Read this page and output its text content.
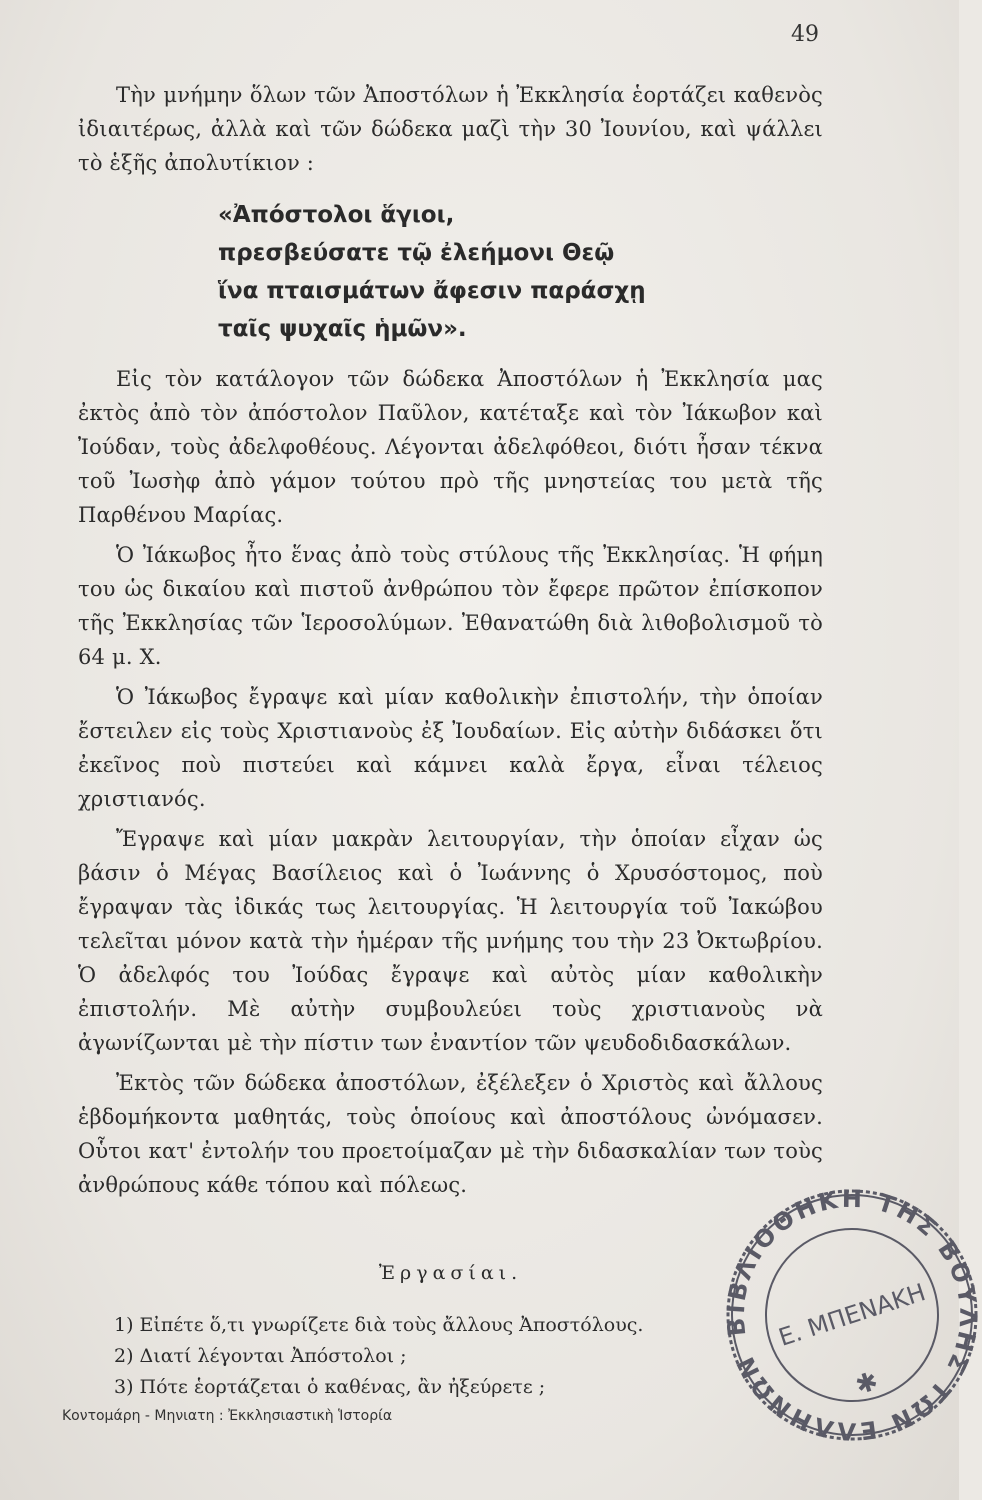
49

Τὴν μνήμην ὅλων τῶν Ἀποστόλων ἡ Ἐκκλησία ἑορτάζει καθενὸς ἰδιαιτέρως, ἀλλὰ καὶ τῶν δώδεκα μαζὶ τὴν 30 Ἰουνίου, καὶ ψάλλει τὸ ἑξῆς ἀπολυτίκιον :

«Ἀπόστολοι ἅγιοι,
πρεσβεύσατε τῷ ἐλεήμονι Θεῷ
ἵνα πταισμάτων ἄφεσιν παράσχῃ
ταῖς ψυχαῖς ἡμῶν».

Εἰς τὸν κατάλογον τῶν δώδεκα Ἀποστόλων ἡ Ἐκκλησία μας ἐκτὸς ἀπὸ τὸν ἀπόστολον Παῦλον, κατέταξε καὶ τὸν Ἰάκωβον καὶ Ἰούδαν, τοὺς ἀδελφοθέους. Λέγονται ἀδελφόθεοι, διότι ἦσαν τέκνα τοῦ Ἰωσὴφ ἀπὸ γάμον τούτου πρὸ τῆς μνηστείας του μετὰ τῆς Παρθένου Μαρίας.

Ὁ Ἰάκωβος ἦτο ἕνας ἀπὸ τοὺς στύλους τῆς Ἐκκλησίας. Ἡ φήμη του ὡς δικαίου καὶ πιστοῦ ἀνθρώπου τὸν ἔφερε πρῶτον ἐπίσκοπον τῆς Ἐκκλησίας τῶν Ἱεροσολύμων. Ἐθανατώθη διὰ λιθοβολισμοῦ τὸ 64 μ. Χ.

Ὁ Ἰάκωβος ἔγραψε καὶ μίαν καθολικὴν ἐπιστολήν, τὴν ὁποίαν ἔστειλεν εἰς τοὺς Χριστιανοὺς ἐξ Ἰουδαίων. Εἰς αὐτὴν διδάσκει ὅτι ἐκεῖνος ποὺ πιστεύει καὶ κάμνει καλὰ ἔργα, εἶναι τέλειος χριστιανός.

Ἔγραψε καὶ μίαν μακρὰν λειτουργίαν, τὴν ὁποίαν εἶχαν ὡς βάσιν ὁ Μέγας Βασίλειος καὶ ὁ Ἰωάννης ὁ Χρυσόστομος, ποὺ ἔγραψαν τὰς ἰδικάς τως λειτουργίας. Ἡ λειτουργία τοῦ Ἰακώβου τελεῖται μόνον κατὰ τὴν ἡμέραν τῆς μνήμης του τὴν 23 Ὀκτωβρίου. Ὁ ἀδελφός του Ἰούδας ἔγραψε καὶ αὐτὸς μίαν καθολικὴν ἐπιστολήν. Μὲ αὐτὴν συμβουλεύει τοὺς χριστιανοὺς νὰ ἀγωνίζωνται μὲ τὴν πίστιν των ἐναντίον τῶν ψευδοδιδασκάλων.

Ἐκτὸς τῶν δώδεκα ἀποστόλων, ἐξέλεξεν ὁ Χριστὸς καὶ ἄλλους ἑβδομήκοντα μαθητάς, τοὺς ὁποίους καὶ ἀποστόλους ὠνόμασεν. Οὗτοι κατ' ἐντολήν του προετοίμαζαν μὲ τὴν διδασκαλίαν των τοὺς ἀνθρώπους κάθε τόπου καὶ πόλεως.

Ἐργασίαι.
1) Εἰπέτε ὅ,τι γνωρίζετε διὰ τοὺς ἄλλους Ἀποστόλους.
2) Διατί λέγονται Ἀπόστολοι ;
3) Πότε ἑορτάζεται ὁ καθένας, ἂν ἠξεύρετε ;
Κοντομάρη - Μηνιατη : Ἐκκλησιαστικὴ Ἱστορία
ΒΙΒΛΙΟΘΗΚΗ ΤΗΣ ΒΟΥΛΗΣ ΤΩΝ ΕΛΛΗΝΩΝ
Ε. ΜΠΕΝΑΚΗ
✱
